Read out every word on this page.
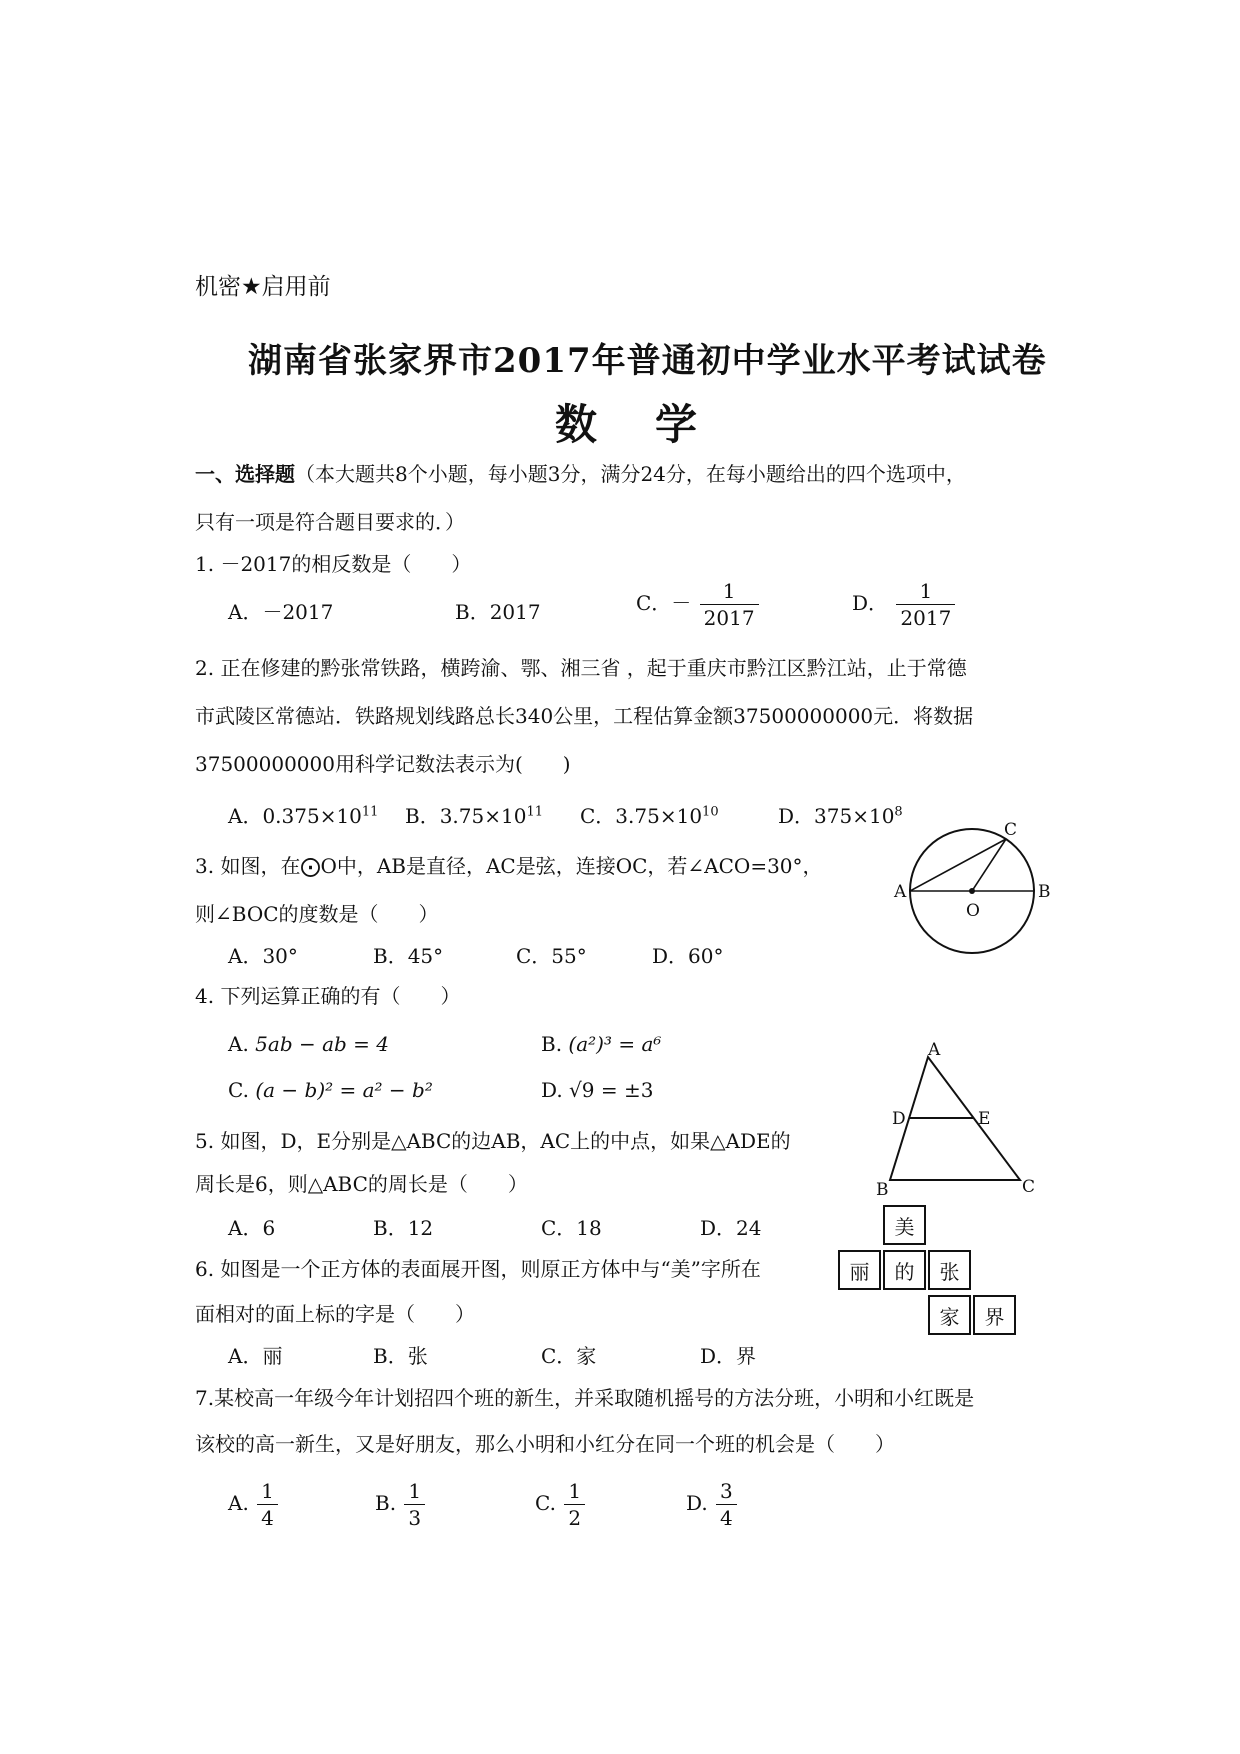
机密★启用前
湖南省张家界市2017年普通初中学业水平考试试卷
数学
一、选择题（本大题共8个小题，每小题3分，满分24分，在每小题给出的四个选项中，
只有一项是符合题目要求的．）
1. －2017的相反数是（　　）
A．－2017	B．2017	C．－ $\frac{1}{2017}$	D． $\frac{1}{2017}$
2. 正在修建的黔张常铁路，横跨渝、鄂、湘三省 ，起于重庆市黔江区黔江站，止于常德
市武陵区常德站．铁路规划线路总长340公里，工程估算金额37500000000元．将数据
37500000000用科学记数法表示为(　　)
A．$0.375\times 10^{11}$ B．$3.75\times 10^{11}$ C．$3.75\times 10^{10}$	D．$375\times 10^8$
3. 如图，在⨀O中，AB是直径，AC是弦，连接OC，若∠ACO=30°，
则∠BOC的度数是（　　）
A．30°	B．45°	C．55°	D．60°
A	B
C
O
4. 下列运算正确的有（　　）
A. 5ab − ab = 4	B. (a²)³ = a⁶
C. (a − b)² = a² − b²	D. √9 = ±3
5. 如图，D，E分别是△ABC的边AB，AC上的中点，如果△ADE的
周长是6，则△ABC的周长是（　　）
A．6	B．12	C．18	D．24
A
B	C
D	E
6. 如图是一个正方体的表面展开图，则原正方体中与“美”字所在
面相对的面上标的字是（　　）
A．丽	B．张	C．家	D．界
美
丽	的	张
家	界
7.某校高一年级今年计划招四个班的新生，并采取随机摇号的方法分班，小明和小红既是
该校的高一新生，又是好朋友，那么小明和小红分在同一个班的机会是（　　）
A. $\frac{1}{4}$	B. $\frac{1}{3}$	C. $\frac{1}{2}$	D. $\frac{3}{4}$
